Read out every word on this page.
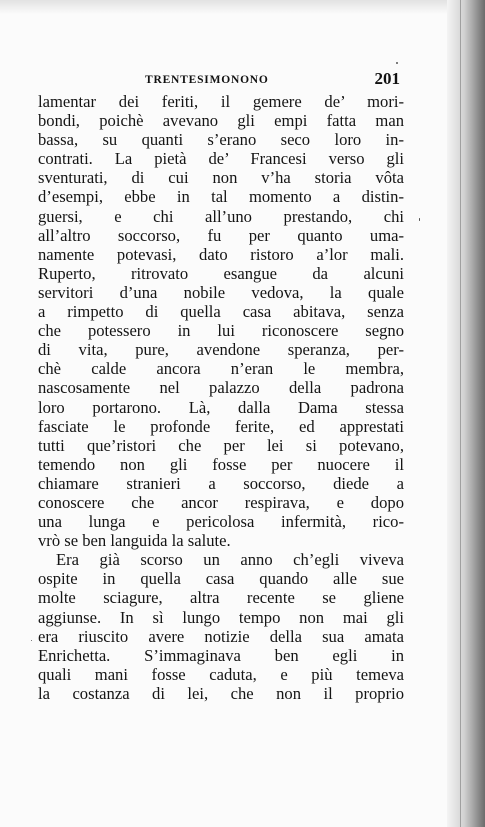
TRENTESIMONONO	201
lamentar dei feriti, il gemere de’ mori-
bondi, poichè avevano gli empi fatta man
bassa, su quanti s’erano seco loro in-
contrati. La pietà de’ Francesi verso gli
sventurati, di cui non v’ha storia vôta
d’esempi, ebbe in tal momento a distin-
guersi, e chi all’uno prestando, chi
all’altro soccorso, fu per quanto uma-
namente potevasi, dato ristoro a’lor mali.
Ruperto, ritrovato esangue da alcuni
servitori d’una nobile vedova, la quale
a rimpetto di quella casa abitava, senza
che potessero in lui riconoscere segno
di vita, pure, avendone speranza, per-
chè calde ancora n’eran le membra,
nascosamente nel palazzo della padrona
loro portarono. Là, dalla Dama stessa
fasciate le profonde ferite, ed apprestati
tutti que’ristori che per lei si potevano,
temendo non gli fosse per nuocere il
chiamare stranieri a soccorso, diede a
conoscere che ancor respirava, e dopo
una lunga e pericolosa infermità, rico-
vrò se ben languida la salute.
Era già scorso un anno ch’egli viveva
ospite in quella casa quando alle sue
molte sciagure, altra recente se gliene
aggiunse. In sì lungo tempo non mai gli
era riuscito avere notizie della sua amata
Enrichetta. S’immaginava ben egli in
quali mani fosse caduta, e più temeva
la costanza di lei, che non il proprio
